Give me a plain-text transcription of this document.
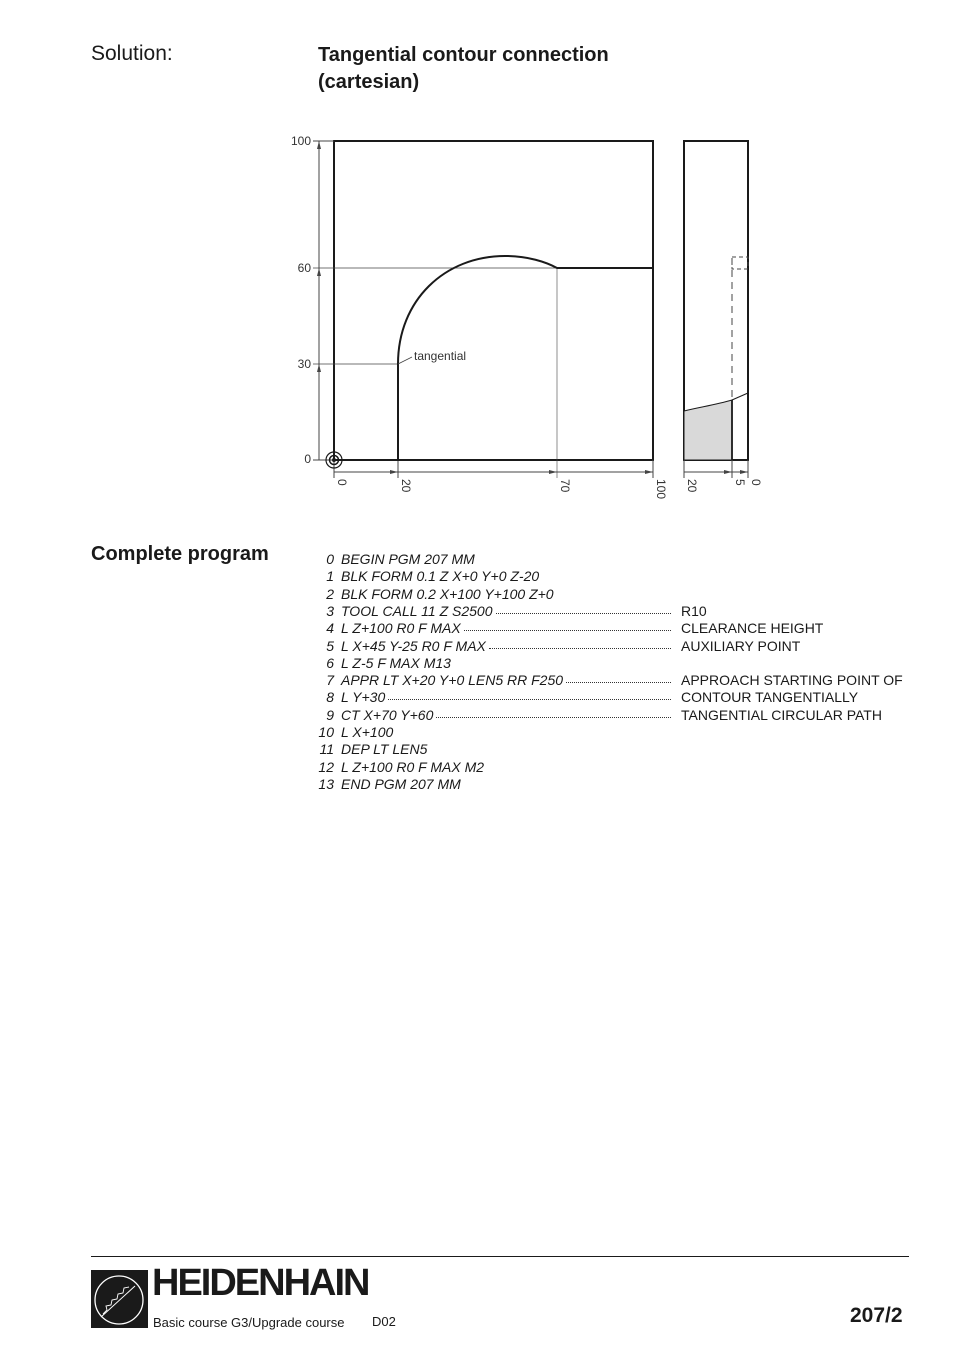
Solution:	Tangential contour connection
(cartesian)
100
60
30
0
0	20	70	100
tangential
20	5 0
Complete program	0 BEGIN PGM 207 MM
1 BLK FORM 0.1 Z X+0 Y+0 Z-20
2 BLK FORM 0.2 X+100 Y+100 Z+0
3 TOOL CALL 11 Z S2500	R10
4 L Z+100 R0 F MAX	CLEARANCE HEIGHT
5 L X+45 Y-25 R0 F MAX	AUXILIARY POINT
6 L Z-5 F MAX M13
7 APPR LT X+20 Y+0 LEN5 RR F250	APPROACH STARTING POINT OF
8 L Y+30	CONTOUR TANGENTIALLY
9 CT X+70 Y+60	TANGENTIAL CIRCULAR PATH
10 L X+100
11 DEP LT LEN5
12 L Z+100 R0 F MAX M2
13 END PGM 207 MM
HEIDENHAIN
Basic course G3/Upgrade course D02	207/2
